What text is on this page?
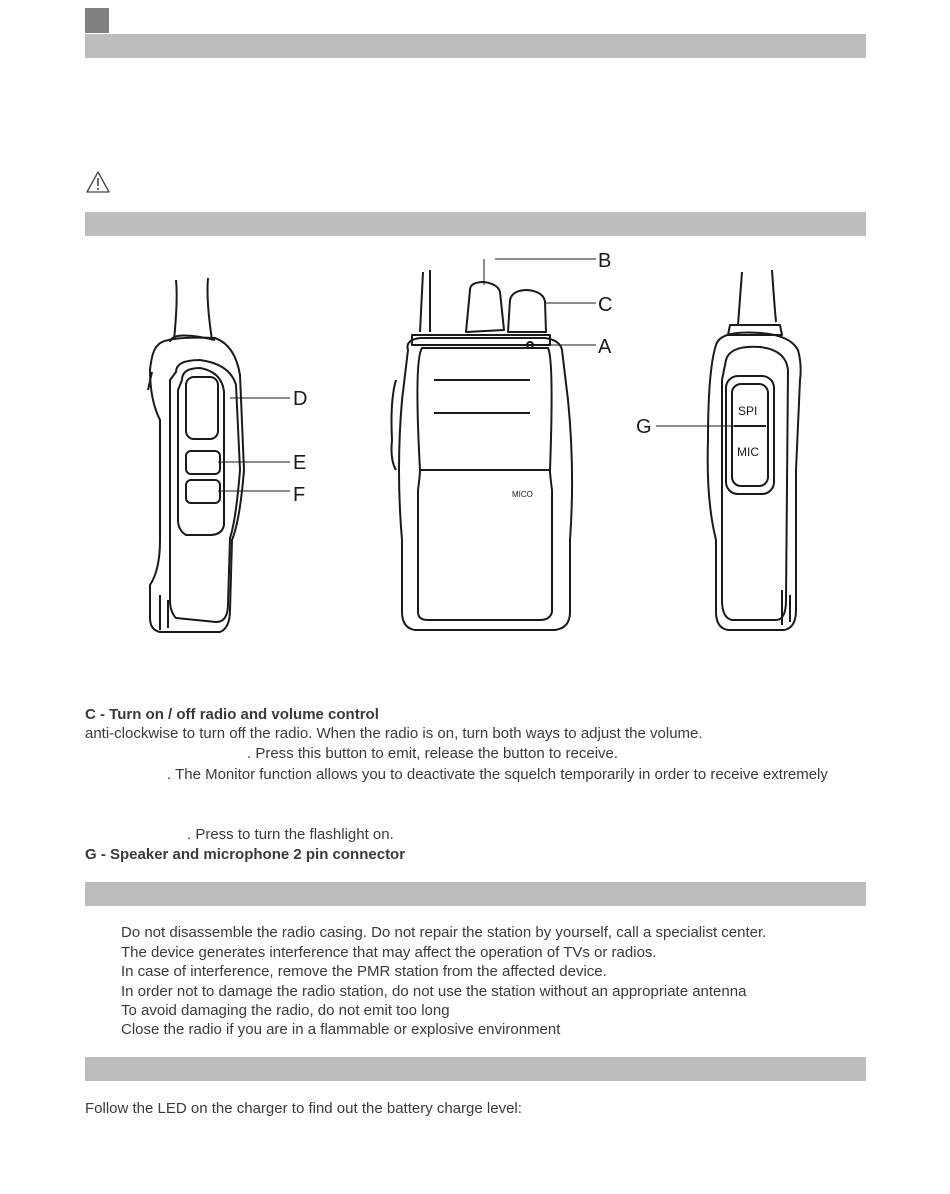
B
C
A
D
E
F
G
SPI
MIC
MICO
C - Turn on / off radio and volume control
anti-clockwise to turn off the radio. When the radio is on, turn both ways to adjust the volume.
. Press this button to emit, release the button to receive.
. The Monitor function allows you to deactivate the squelch temporarily in order to receive extremely
. Press to turn the flashlight on.
G - Speaker and microphone 2 pin connector
Do not disassemble the radio casing. Do not repair the station by yourself, call a specialist center.
The device generates interference that may affect the operation of TVs or radios.
In case of interference, remove the PMR station from the affected device.
In order not to damage the radio station, do not use the station without an appropriate antenna
To avoid damaging the radio, do not emit too long
Close the radio if you are in a flammable or explosive environment
Follow the LED on the charger to find out the battery charge level:
